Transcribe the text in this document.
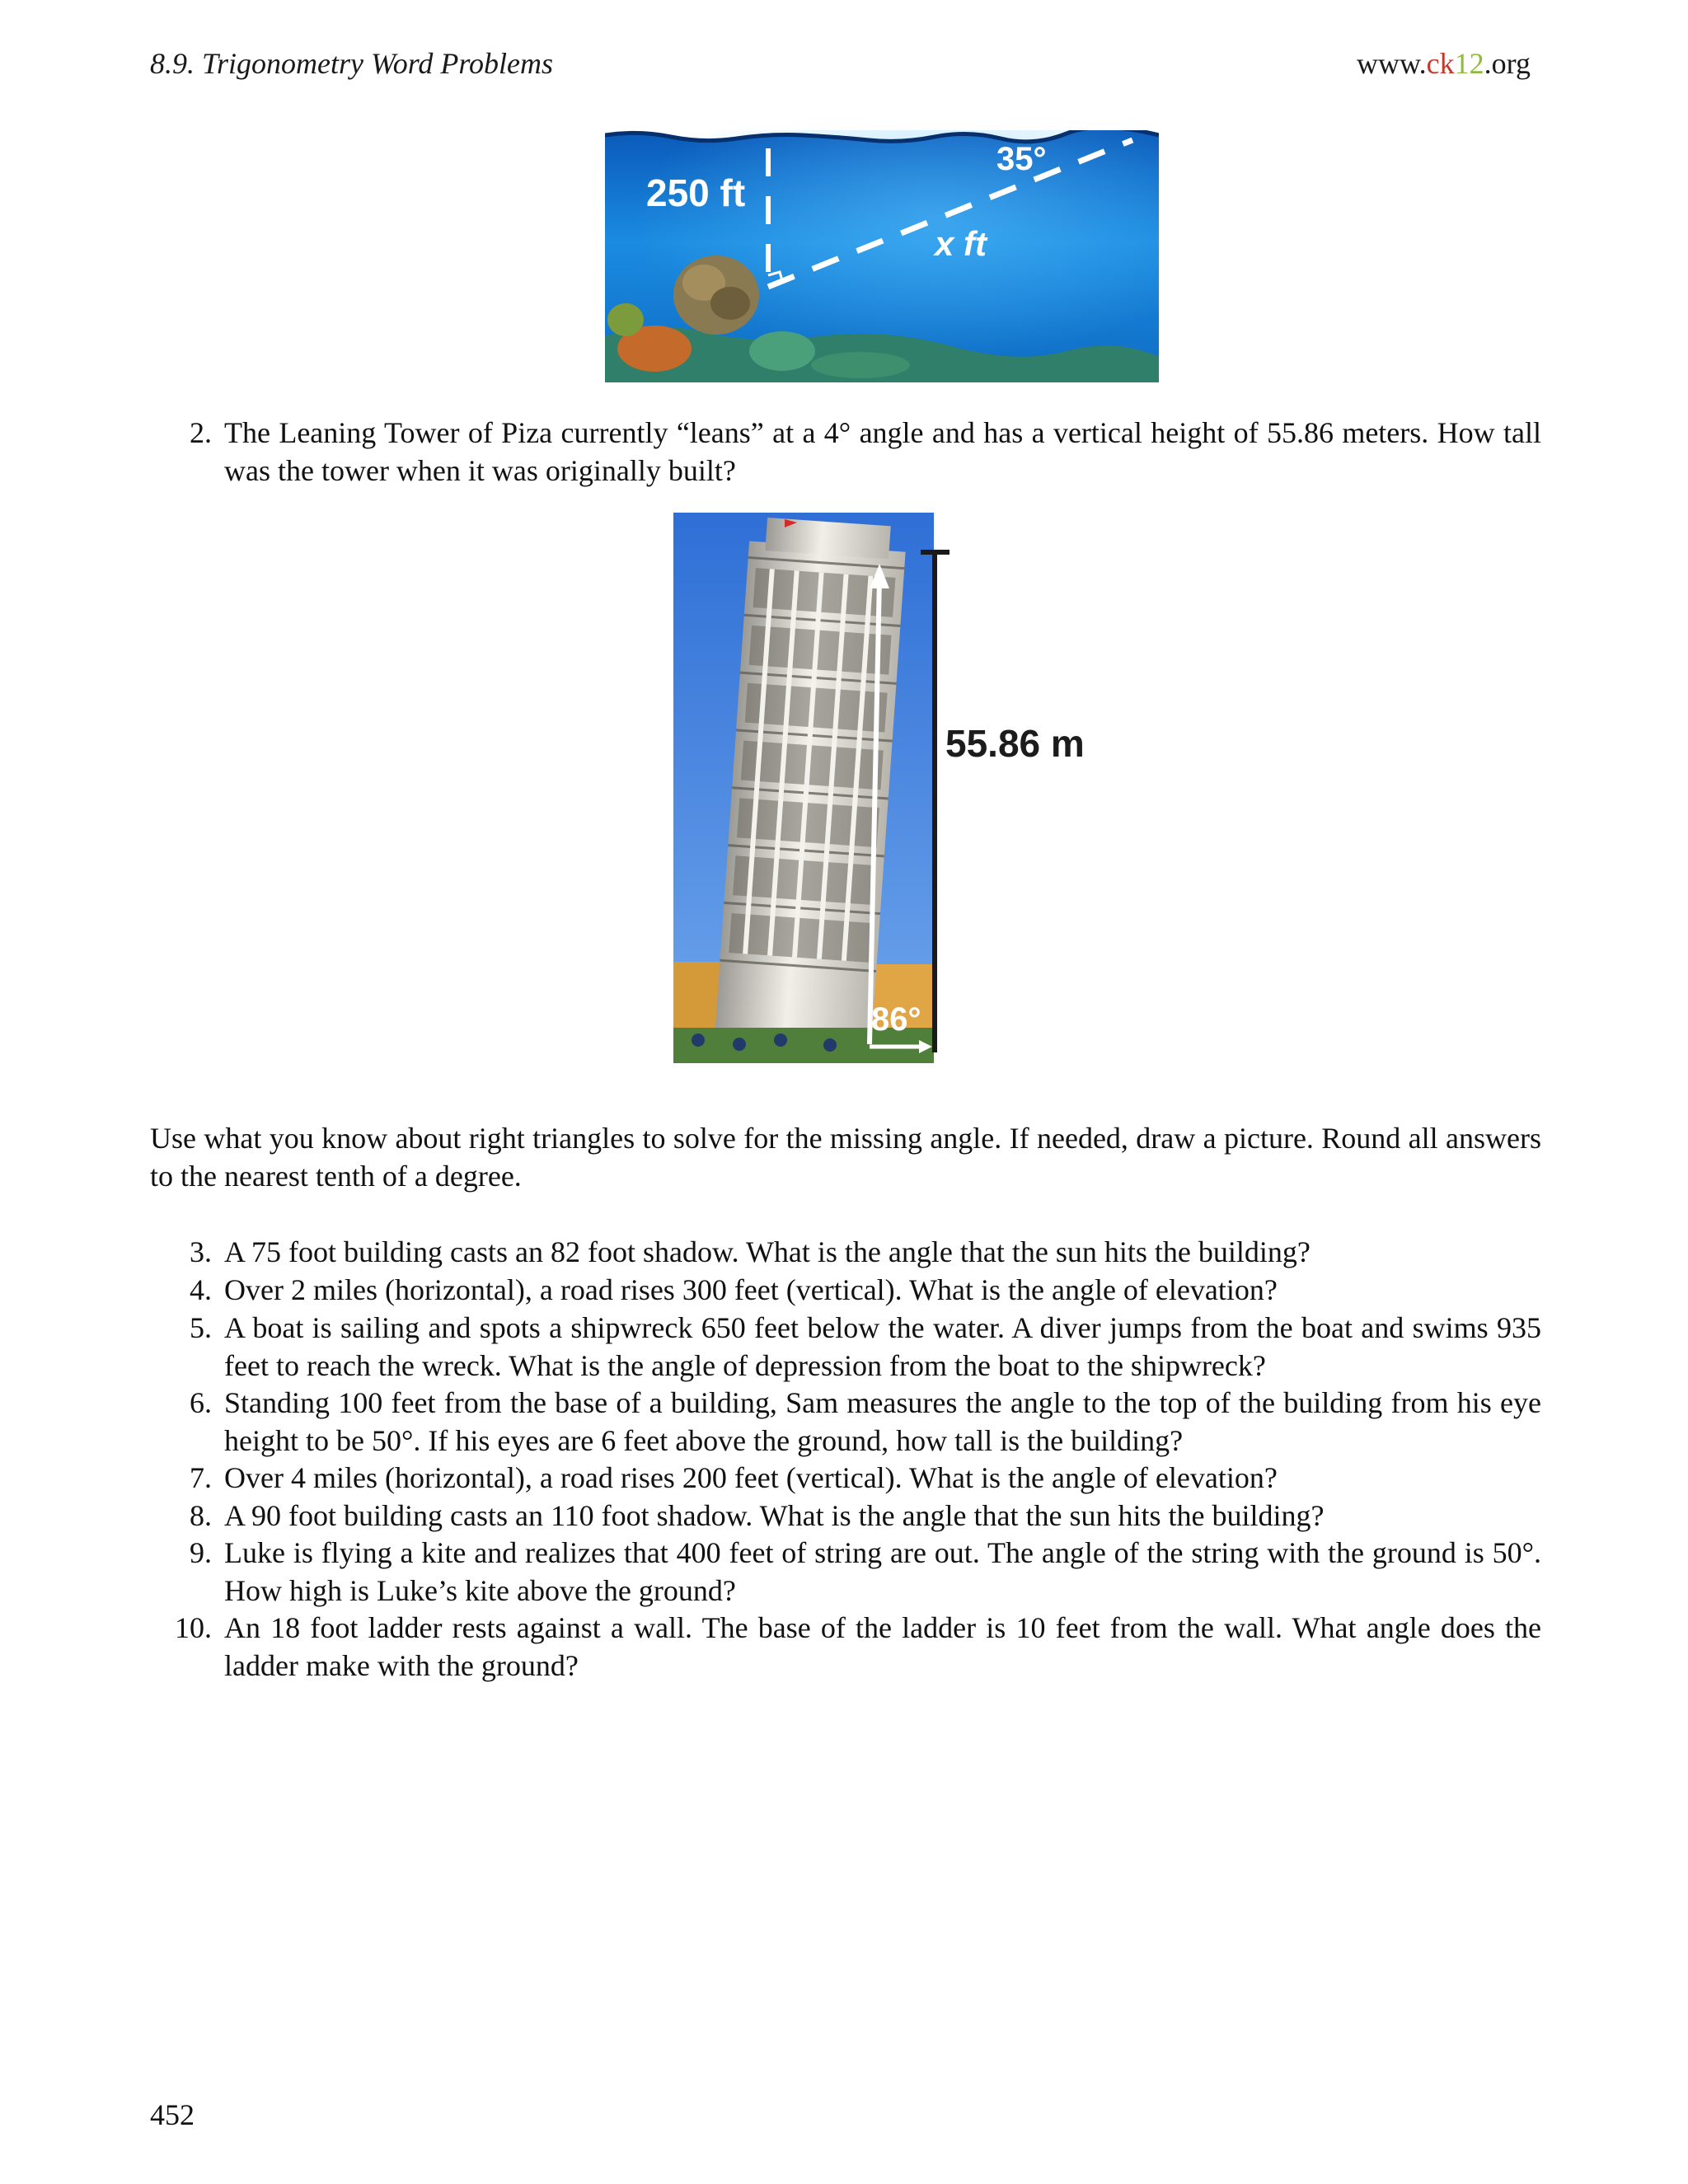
8.9. Trigonometry Word Problems	www.ck12.org
250 ft
35°
x ft
2. The Leaning Tower of Piza currently “leans” at a 4° angle and has a vertical height of 55.86 meters. How tall was the tower when it was originally built?
55.86 m
86°

Use what you know about right triangles to solve for the missing angle. If needed, draw a picture. Round all answers to the nearest tenth of a degree.

3. A 75 foot building casts an 82 foot shadow. What is the angle that the sun hits the building?
4. Over 2 miles (horizontal), a road rises 300 feet (vertical). What is the angle of elevation?
5. A boat is sailing and spots a shipwreck 650 feet below the water. A diver jumps from the boat and swims 935 feet to reach the wreck. What is the angle of depression from the boat to the shipwreck?
6. Standing 100 feet from the base of a building, Sam measures the angle to the top of the building from his eye height to be 50°. If his eyes are 6 feet above the ground, how tall is the building?
7. Over 4 miles (horizontal), a road rises 200 feet (vertical). What is the angle of elevation?
8. A 90 foot building casts an 110 foot shadow. What is the angle that the sun hits the building?
9. Luke is flying a kite and realizes that 400 feet of string are out. The angle of the string with the ground is 50°. How high is Luke’s kite above the ground?
10. An 18 foot ladder rests against a wall. The base of the ladder is 10 feet from the wall. What angle does the ladder make with the ground?
452
